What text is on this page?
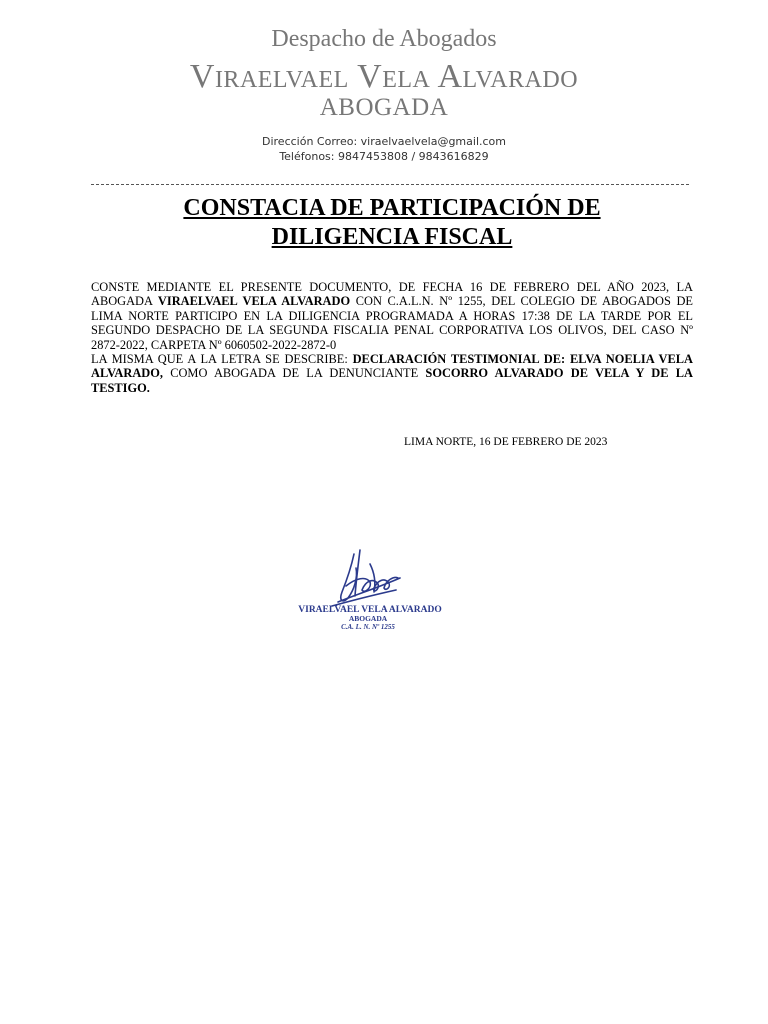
Despacho de Abogados
Viraelvael Vela Alvarado
ABOGADA
Dirección Correo: viraelvaelvela@gmail.com
Teléfonos: 9847453808 / 9843616829
CONSTACIA DE PARTICIPACIÓN DE
DILIGENCIA FISCAL

CONSTE MEDIANTE EL PRESENTE DOCUMENTO, DE FECHA 16 DE FEBRERO DEL AÑO 2023, LA ABOGADA VIRAELVAEL VELA ALVARADO CON C.A.L.N. Nº 1255, DEL COLEGIO DE ABOGADOS DE LIMA NORTE PARTICIPO EN LA DILIGENCIA PROGRAMADA A HORAS 17:38 DE LA TARDE POR EL SEGUNDO DESPACHO DE LA SEGUNDA FISCALIA PENAL CORPORATIVA LOS OLIVOS, DEL CASO Nº 2872-2022, CARPETA Nº 6060502-2022-2872-0

LA MISMA QUE A LA LETRA SE DESCRIBE: DECLARACIÓN TESTIMONIAL DE: ELVA NOELIA VELA ALVARADO, COMO ABOGADA DE LA DENUNCIANTE SOCORRO ALVARADO DE VELA Y DE LA TESTIGO.

LIMA NORTE, 16 DE FEBRERO DE 2023
VIRAELVAEL VELA ALVARADO
ABOGADA
C.A. L. N. Nº 1255
